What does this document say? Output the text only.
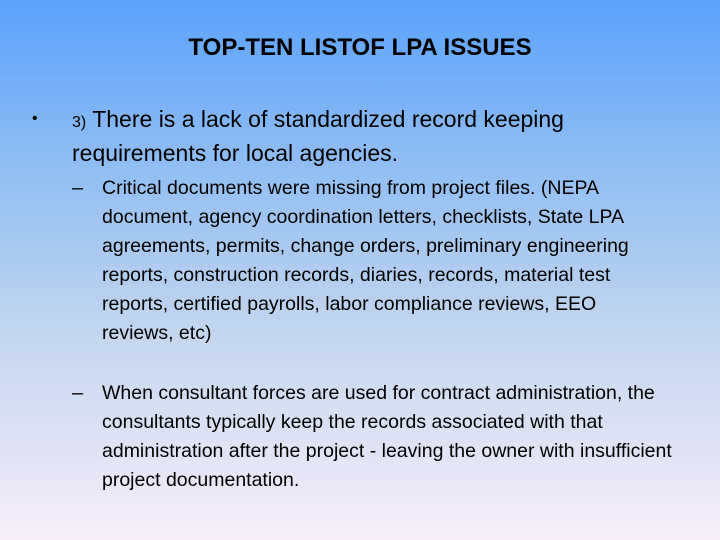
TOP-TEN LISTOF LPA ISSUES
• 3) There is a lack of standardized record keeping requirements for local agencies.
– Critical documents were missing from project files. (NEPA document, agency coordination letters, checklists, State LPA agreements, permits, change orders, preliminary engineering reports, construction records, diaries, records, material test reports, certified payrolls, labor compliance reviews, EEO reviews, etc)
– When consultant forces are used for contract administration, the consultants typically keep the records associated with that administration after the project - leaving the owner with insufficient project documentation.
